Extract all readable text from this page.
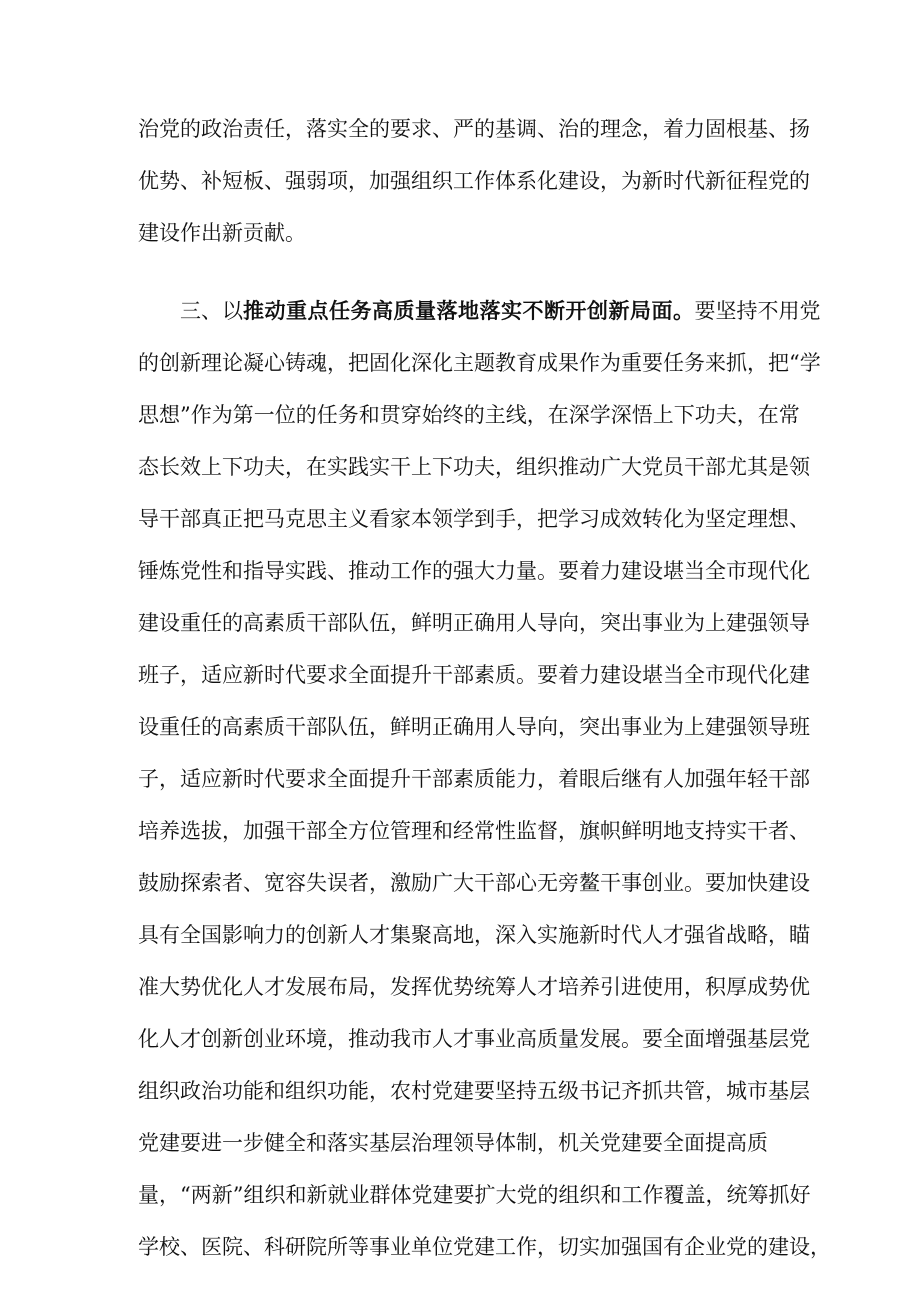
治党的政治责任，落实全的要求、严的基调、治的理念，着力固根基、扬
优势、补短板、强弱项，加强组织工作体系化建设，为新时代新征程党的
建设作出新贡献。
三、以推动重点任务高质量落地落实不断开创新局面。要坚持不用党
的创新理论凝心铸魂，把固化深化主题教育成果作为重要任务来抓，把“学
思想”作为第一位的任务和贯穿始终的主线，在深学深悟上下功夫，在常
态长效上下功夫，在实践实干上下功夫，组织推动广大党员干部尤其是领
导干部真正把马克思主义看家本领学到手，把学习成效转化为坚定理想、
锤炼党性和指导实践、推动工作的强大力量。要着力建设堪当全市现代化
建设重任的高素质干部队伍，鲜明正确用人导向，突出事业为上建强领导
班子，适应新时代要求全面提升干部素质。要着力建设堪当全市现代化建
设重任的高素质干部队伍，鲜明正确用人导向，突出事业为上建强领导班
子，适应新时代要求全面提升干部素质能力，着眼后继有人加强年轻干部
培养选拔，加强干部全方位管理和经常性监督，旗帜鲜明地支持实干者、
鼓励探索者、宽容失误者，激励广大干部心无旁鳌干事创业。要加快建设
具有全国影响力的创新人才集聚高地，深入实施新时代人才强省战略，瞄
准大势优化人才发展布局，发挥优势统筹人才培养引进使用，积厚成势优
化人才创新创业环境，推动我市人才事业高质量发展。要全面增强基层党
组织政治功能和组织功能，农村党建要坚持五级书记齐抓共管，城市基层
党建要进一步健全和落实基层治理领导体制，机关党建要全面提高质
量，“两新”组织和新就业群体党建要扩大党的组织和工作覆盖，统筹抓好
学校、医院、科研院所等事业单位党建工作，切实加强国有企业党的建设，
